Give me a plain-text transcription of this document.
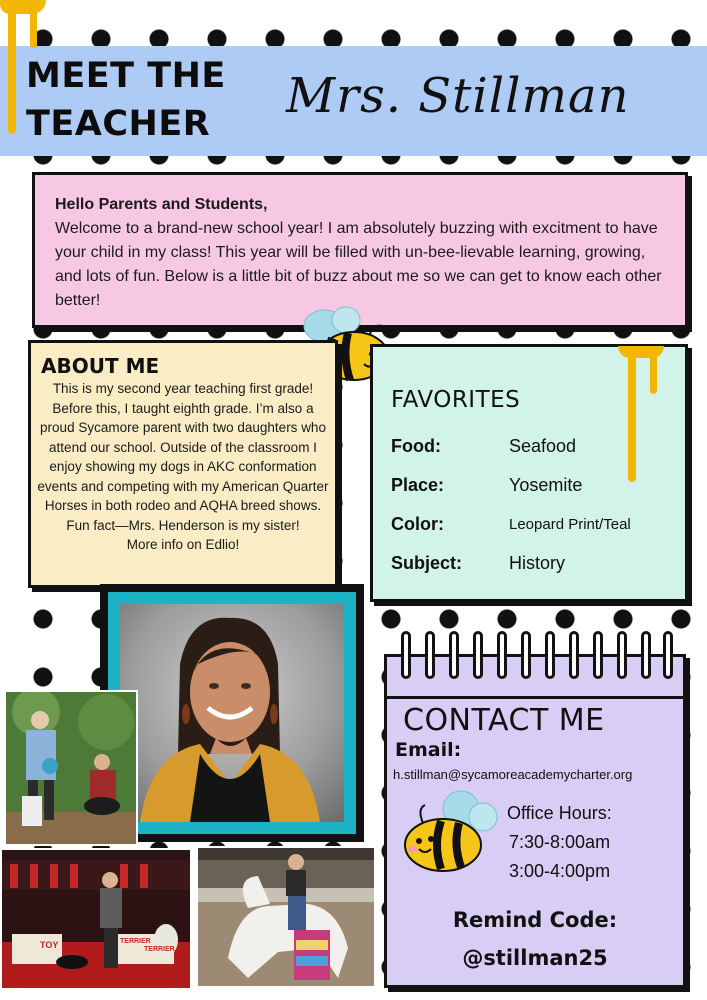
MEET THE
TEACHER	Mrs. Stillman
Hello Parents and Students,
Welcome to a brand-new school year! I am absolutely buzzing with excitment to have your child in my class! This year will be filled with un-bee-lievable learning, growing, and lots of fun. Below is a little bit of buzz about me so we can get to know each other better!
ABOUT ME
This is my second year teaching first grade! Before this, I taught eighth grade. I’m also a proud Sycamore parent with two daughters who attend our school. Outside of the classroom I enjoy showing my dogs in AKC conformation events and competing with my American Quarter Horses in both rodeo and AQHA breed shows. Fun fact—Mrs. Henderson is my sister!
More info on Edlio!
FAVORITES
Food:	Seafood
Place:	Yosemite
Color:	Leopard Print/Teal
Subject:	History
TOY	TERRIER
TERRIER
CONTACT ME
Email:
h.stillman@sycamoreacademycharter.org
Office Hours:
7:30-8:00am
3:00-4:00pm
Remind Code:
@stillman25
